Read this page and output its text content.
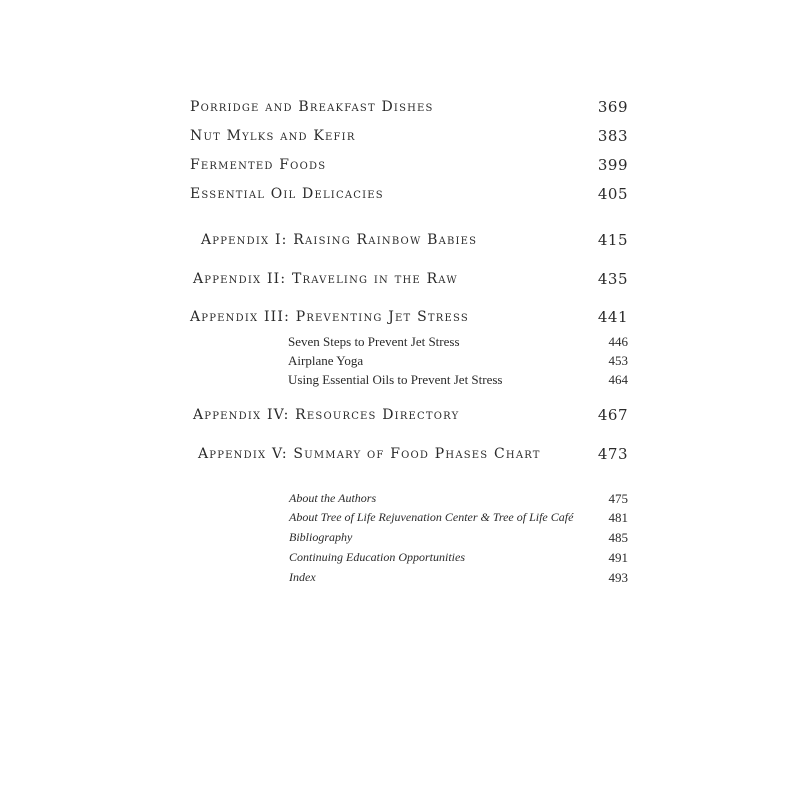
Porridge and Breakfast Dishes	369
Nut Mylks and Kefir	383
Fermented Foods	399
Essential Oil Delicacies	405
Appendix I: Raising Rainbow Babies	415
Appendix II: Traveling in the Raw	435
Appendix III: Preventing Jet Stress	441
Seven Steps to Prevent Jet Stress	446
Airplane Yoga	453
Using Essential Oils to Prevent Jet Stress	464
Appendix IV: Resources Directory	467
Appendix V: Summary of Food Phases Chart	473
About the Authors	475
About Tree of Life Rejuvenation Center & Tree of Life Café	481
Bibliography	485
Continuing Education Opportunities	491
Index	493
